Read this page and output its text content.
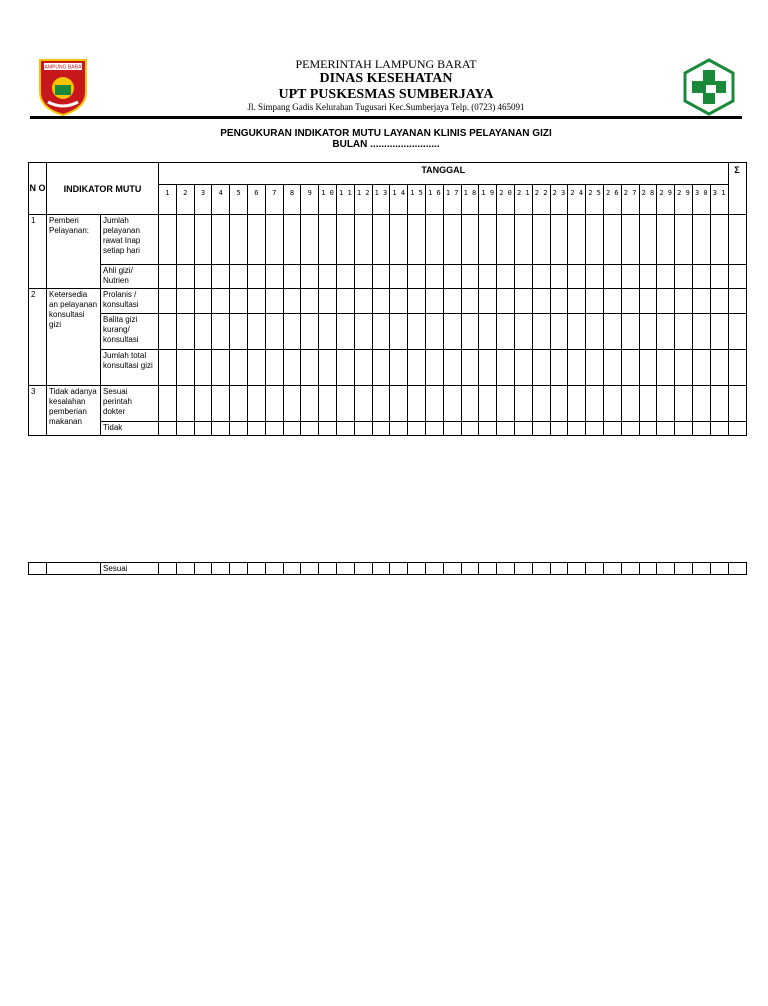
LAMPUNG BARAT	PEMERINTAH LAMPUNG BARAT
DINAS KESEHATAN
UPT PUSKESMAS SUMBERJAYA
Jl. Simpang Gadis Kelurahan Tugusari Kec.Sumberjaya Telp. (0723) 465091
PENGUKURAN INDIKATOR MUTU LAYANAN KLINIS PELAYANAN GIZI
BULAN .........................
N O	INDIKATOR MUTU		TANGGAL																																Σ
			1	2	3	4	5	6	7	8	9	1 0	1 1	1 2	1 3	1 4	1 5	1 6	1 7	1 8	1 9	2 0	2 1	2 2	2 3	2 4	2 5	2 6	2 7	2 8	2 9	2 9	3 0	3 1	
1	Pemberi Pelayanan:	Jumlah pelayanan rawat Inap setiap hari																																	
		Ahli gizi/ Nutrien																																	
2	Ketersedia an pelayanan konsultasi gizi	Prolanis / konsultasi																																	
		Balita gizi kurang/ konsultasi																																	
		Jumlah total konsultasi gizi																																	
3	Tidak adanya kesalahan pemberian makanan	Sesuai perintah dokter																																	
		Tidak																																	
		Sesuai																																	
